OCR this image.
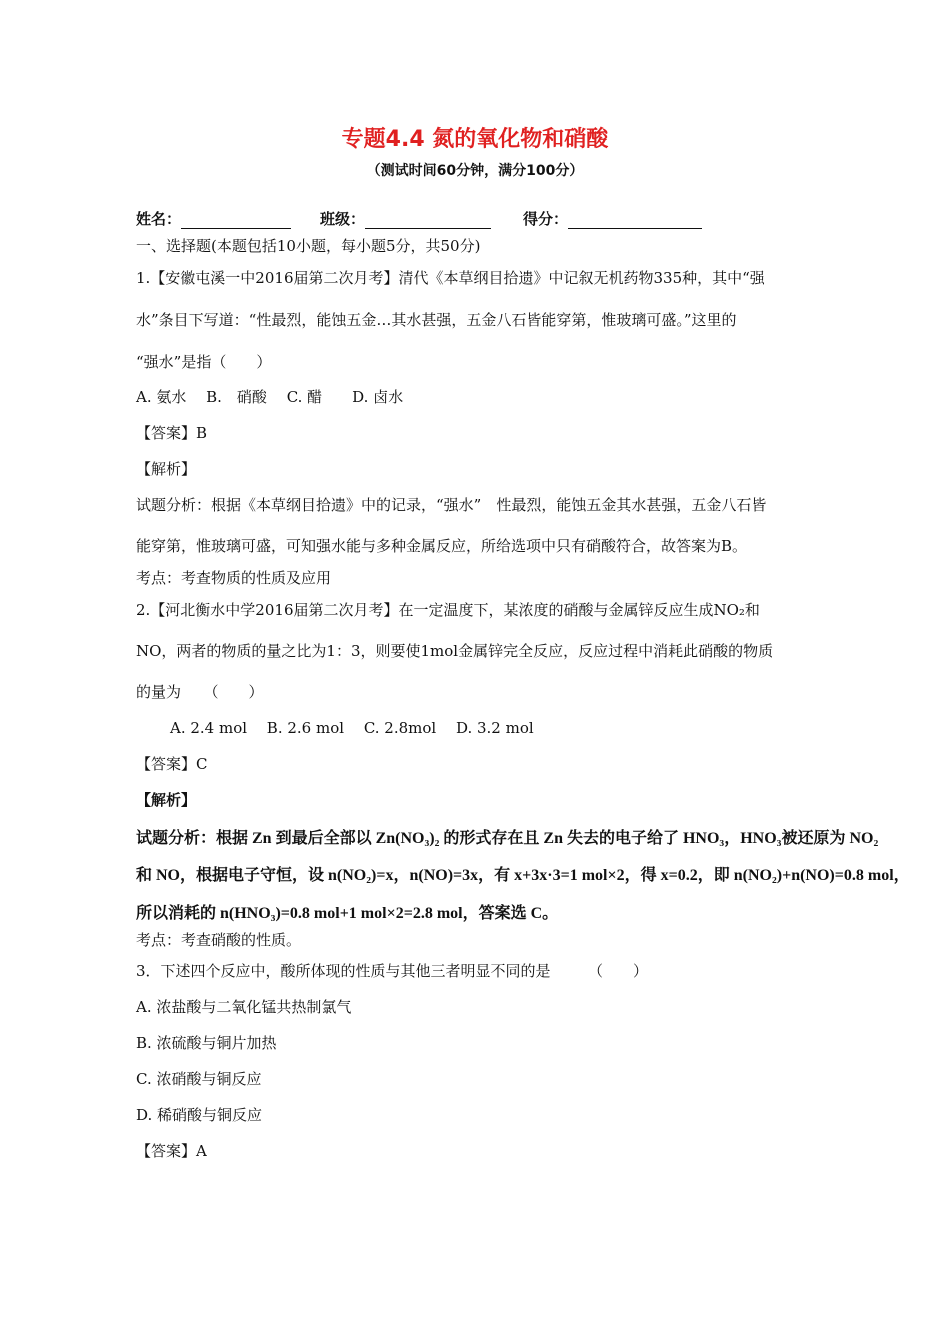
专题4.4 氮的氧化物和硝酸
（测试时间60分钟，满分100分）
姓名：	班级：	得分：
一、选择题(本题包括10小题，每小题5分，共50分)
1.【安徽屯溪一中2016届第二次月考】清代《本草纲目拾遗》中记叙无机药物335种，其中“强
水”条目下写道：“性最烈，能蚀五金…其水甚强，五金八石皆能穿第，惟玻璃可盛。”这里的
“强水”是指（　　）
A. 氨水　 B.　硝酸　 C. 醋　　D. 卤水
【答案】B
【解析】
试题分析：根据《本草纲目拾遗》中的记录，“强水”　性最烈，能蚀五金其水甚强，五金八石皆
能穿第，惟玻璃可盛，可知强水能与多种金属反应，所给选项中只有硝酸符合，故答案为B。
考点：考查物质的性质及应用
2.【河北衡水中学2016届第二次月考】在一定温度下，某浓度的硝酸与金属锌反应生成NO₂和
NO，两者的物质的量之比为1：3，则要使1mol金属锌完全反应，反应过程中消耗此硝酸的物质
的量为　　（　　）
A. 2.4 mol　 B. 2.6 mol　 C. 2.8mol　 D. 3.2 mol
【答案】C
【解析】
试题分析：根据 Zn 到最后全部以 Zn(NO₃)₂ 的形式存在且 Zn 失去的电子给了 HNO₃，HNO₃被还原为 NO₂
和 NO，根据电子守恒，设 n(NO₂)=x，n(NO)=3x，有 x+3x·3=1 mol×2，得 x=0.2，即 n(NO₂)+n(NO)=0.8 mol，
所以消耗的 n(HNO₃)=0.8 mol+1 mol×2=2.8 mol，答案选 C。
考点：考查硝酸的性质。
3．下述四个反应中，酸所体现的性质与其他三者明显不同的是　　　（　　）
A. 浓盐酸与二氧化锰共热制氯气
B. 浓硫酸与铜片加热
C. 浓硝酸与铜反应
D. 稀硝酸与铜反应
【答案】A
